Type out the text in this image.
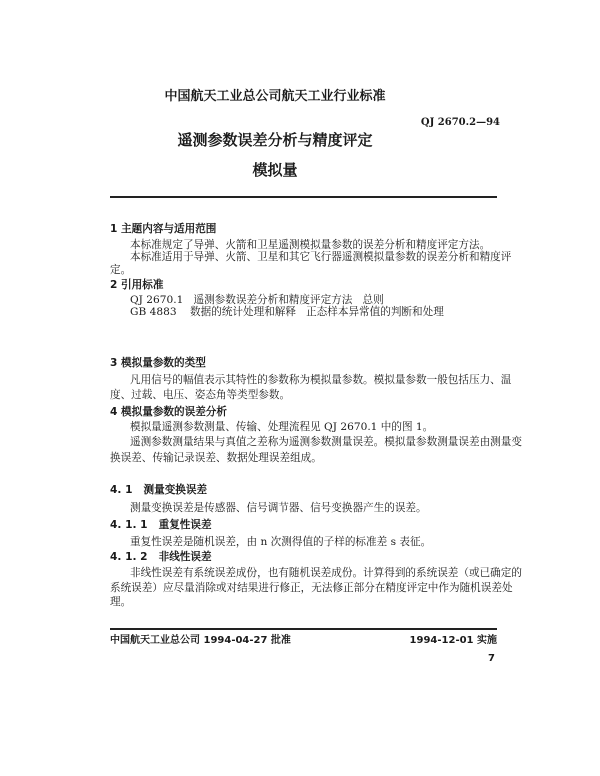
中国航天工业总公司航天工业行业标准
QJ 2670.2—94
遥测参数误差分析与精度评定
模拟量
1 主题内容与适用范围
本标准规定了导弹、火箭和卫星遥测模拟量参数的误差分析和精度评定方法。
本标准适用于导弹、火箭、卫星和其它飞行器遥测模拟量参数的误差分析和精度评
定。
2 引用标准
QJ 2670.1   遥测参数误差分析和精度评定方法   总则
GB 4883    数据的统计处理和解释   正态样本异常值的判断和处理
3 模拟量参数的类型
凡用信号的幅值表示其特性的参数称为模拟量参数。模拟量参数一般包括压力、温
度、过载、电压、姿态角等类型参数。
4 模拟量参数的误差分析
模拟量遥测参数测量、传输、处理流程见 QJ 2670.1 中的图 1。
遥测参数测量结果与真值之差称为遥测参数测量误差。模拟量参数测量误差由测量变
换误差、传输记录误差、数据处理误差组成。
4. 1   测量变换误差
测量变换误差是传感器、信号调节器、信号变换器产生的误差。
4. 1. 1   重复性误差
重复性误差是随机误差，由 n 次测得值的子样的标准差 s 表征。
4. 1. 2   非线性误差
非线性误差有系统误差成份，也有随机误差成份。计算得到的系统误差（或已确定的
系统误差）应尽量消除或对结果进行修正，无法修正部分在精度评定中作为随机误差处
理。
中国航天工业总公司 1994-04-27 批准	1994-12-01 实施
7
